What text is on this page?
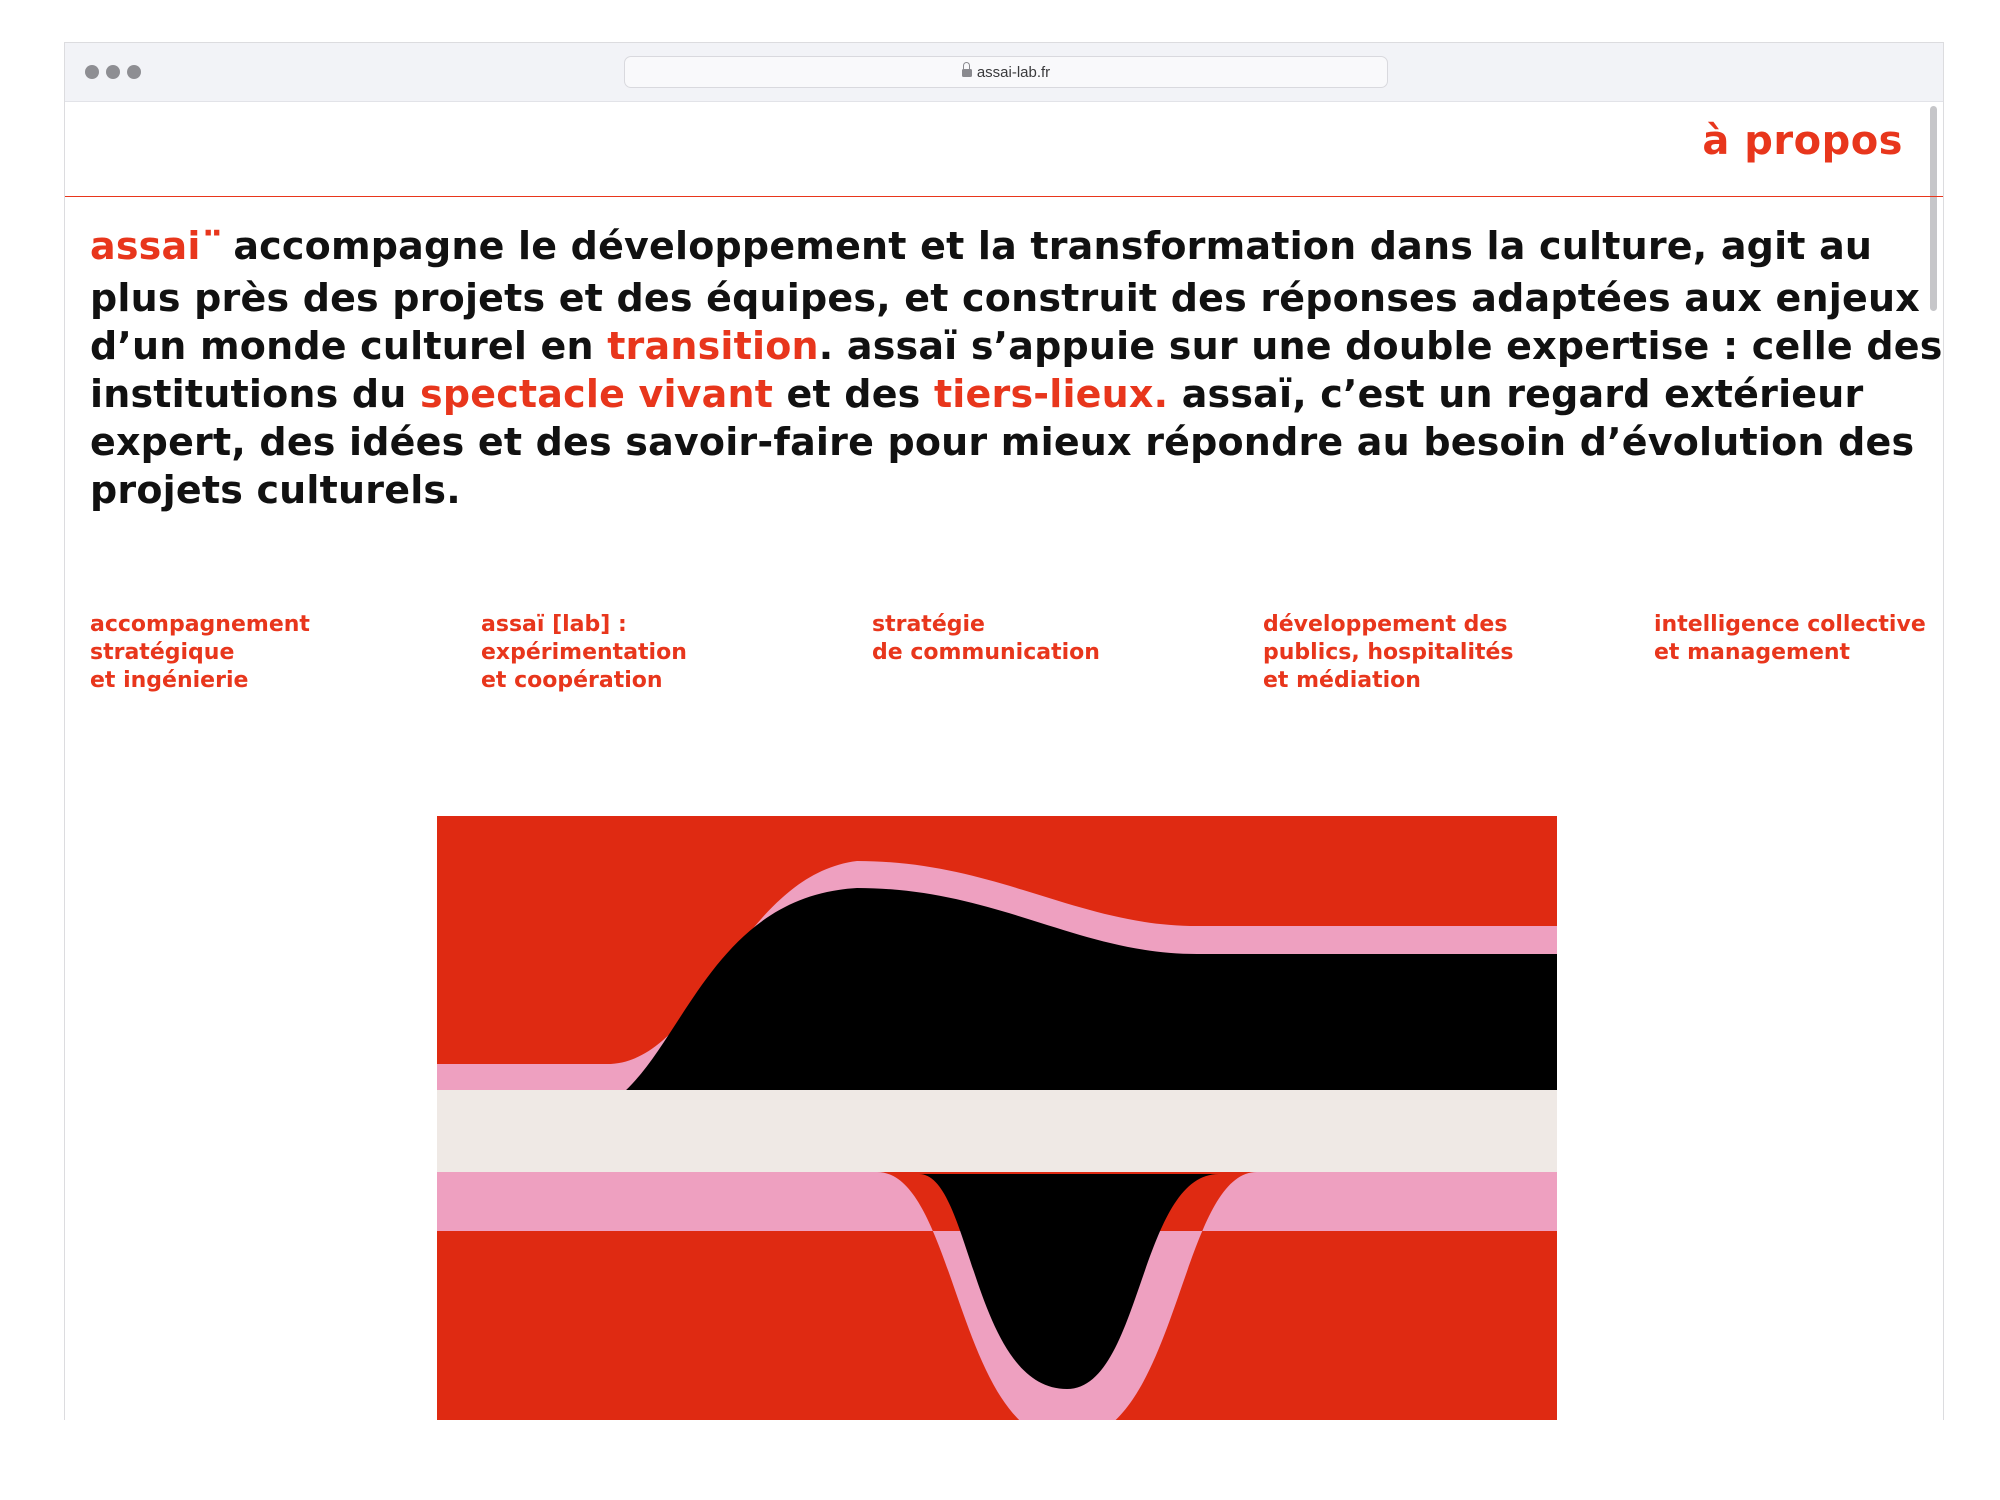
assai-lab.fr
à propos

assai·· accompagne le développement et la transformation dans la culture, agit au plus près des projets et des équipes, et construit des réponses adaptées aux enjeux d’un monde culturel en transition. assaï s’appuie sur une double expertise : celle des institutions du spectacle vivant et des tiers-lieux. assaï, c’est un regard extérieur expert, des idées et des savoir-faire pour mieux répondre au besoin d’évolution des projets culturels.

accompagnement
stratégique
et ingénierie
assaï [lab] :
expérimentation
et coopération
stratégie
de communication
développement des
publics, hospitalités
et médiation
intelligence collective
et management
